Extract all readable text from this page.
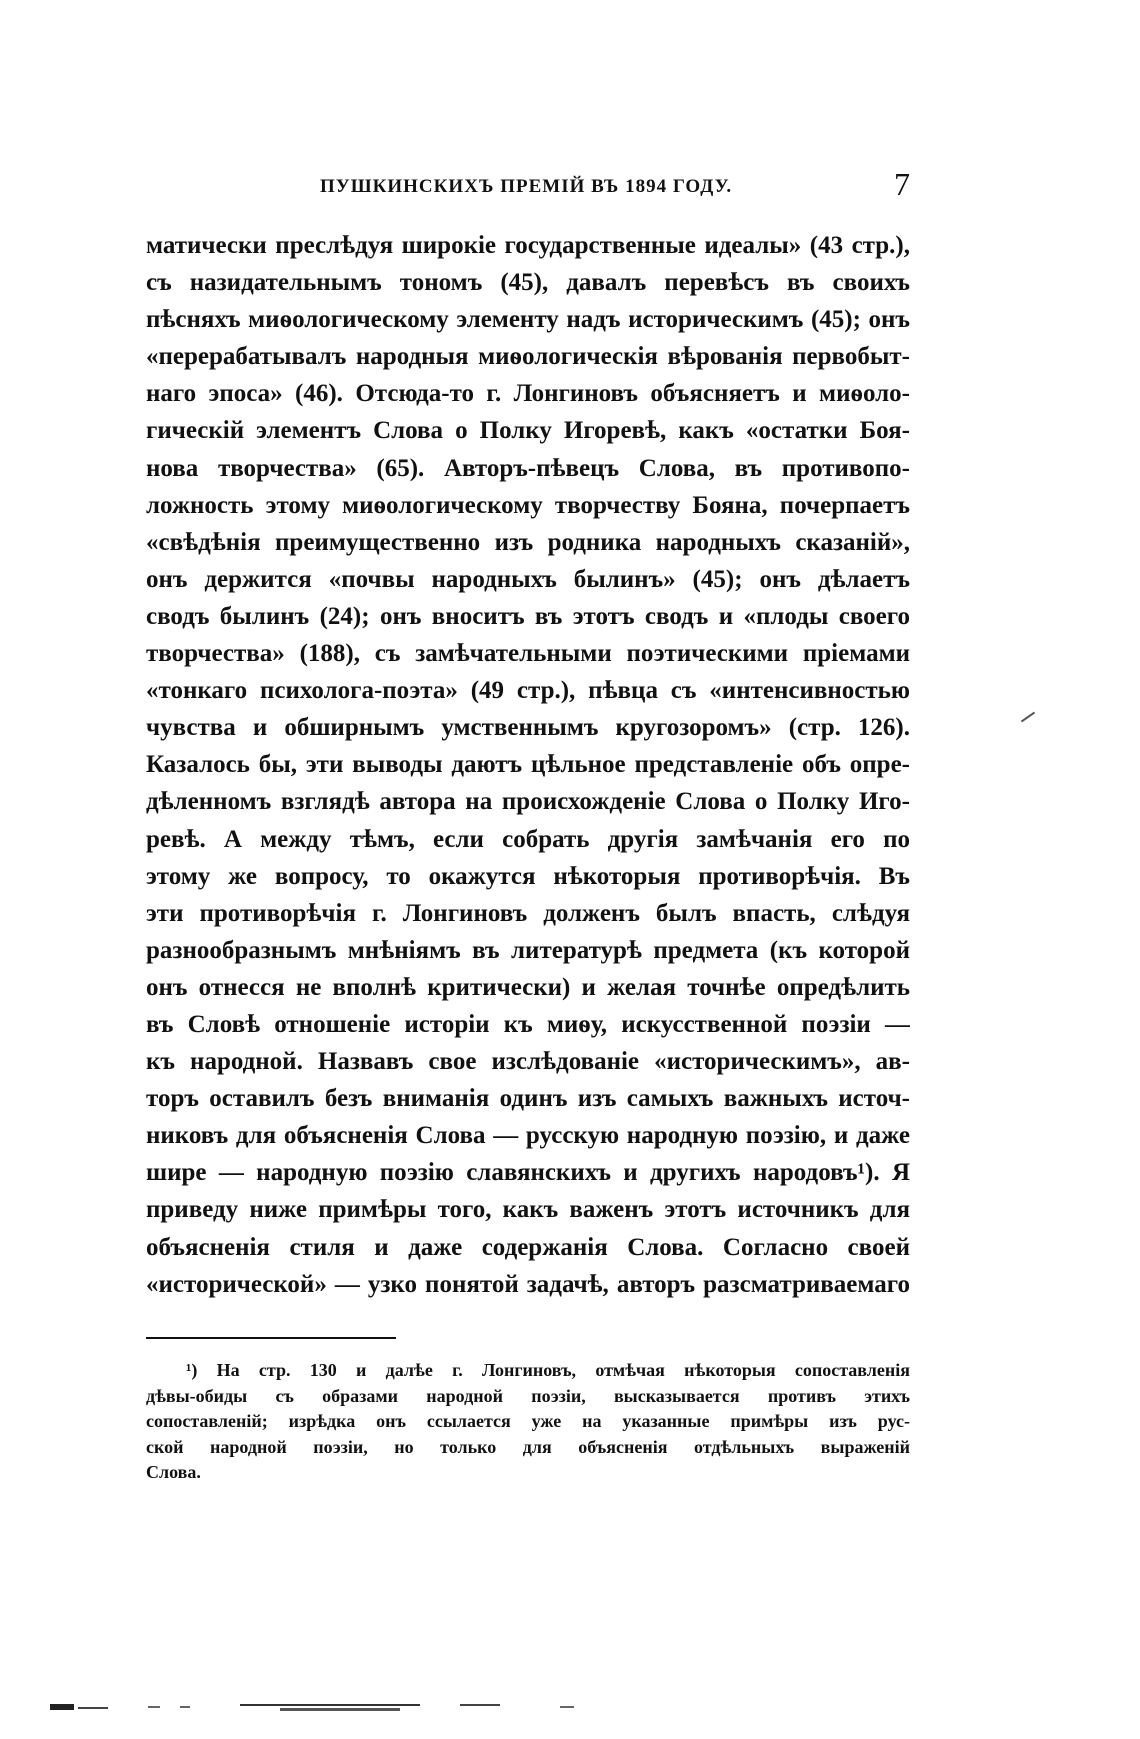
ПУШКИНСКИХЪ ПРЕМІЙ ВЪ 1894 ГОДУ.	7
матически преслѣдуя широкіе государственные идеалы» (43 стр.),
съ назидательнымъ тономъ (45), давалъ перевѣсъ въ своихъ
пѣсняхъ миѳологическому элементу надъ историческимъ (45); онъ
«перерабатывалъ народныя миѳологическія вѣрованія первобыт-
наго эпоса» (46). Отсюда-то г. Лонгиновъ объясняетъ и миѳоло-
гическій элементъ Слова о Полку Игоревѣ, какъ «остатки Боя-
нова творчества» (65). Авторъ-пѣвецъ Слова, въ противопо-
ложность этому миѳологическому творчеству Бояна, почерпаетъ
«свѣдѣнія преимущественно изъ родника народныхъ сказаній»,
онъ держится «почвы народныхъ былинъ» (45); онъ дѣлаетъ
сводъ былинъ (24); онъ вноситъ въ этотъ сводъ и «плоды своего
творчества» (188), съ замѣчательными поэтическими пріемами
«тонкаго психолога-поэта» (49 стр.), пѣвца съ «интенсивностью
чувства и обширнымъ умственнымъ кругозоромъ» (стр. 126).
Казалось бы, эти выводы даютъ цѣльное представленіе объ опре-
дѣленномъ взглядѣ автора на происхожденіе Слова о Полку Иго-
ревѣ. А между тѣмъ, если собрать другія замѣчанія его по
этому же вопросу, то окажутся нѣкоторыя противорѣчія. Въ
эти противорѣчія г. Лонгиновъ долженъ былъ впасть, слѣдуя
разнообразнымъ мнѣніямъ въ литературѣ предмета (къ которой
онъ отнесся не вполнѣ критически) и желая точнѣе опредѣлить
въ Словѣ отношеніе исторіи къ миѳу, искусственной поэзіи —
къ народной. Назвавъ свое изслѣдованіе «историческимъ», ав-
торъ оставилъ безъ вниманія одинъ изъ самыхъ важныхъ источ-
никовъ для объясненія Слова — русскую народную поэзію, и даже
шире — народную поэзію славянскихъ и другихъ народовъ¹). Я
приведу ниже примѣры того, какъ важенъ этотъ источникъ для
объясненія стиля и даже содержанія Слова. Согласно своей
«исторической» — узко понятой задачѣ, авторъ разсматриваемаго
¹) На стр. 130 и далѣе г. Лонгиновъ, отмѣчая нѣкоторыя сопоставленія
дѣвы-обиды съ образами народной поэзіи, высказывается противъ этихъ
сопоставленій; изрѣдка онъ ссылается уже на указанные примѣры изъ рус-
ской народной поэзіи, но только для объясненія отдѣльныхъ выраженій
Слова.
